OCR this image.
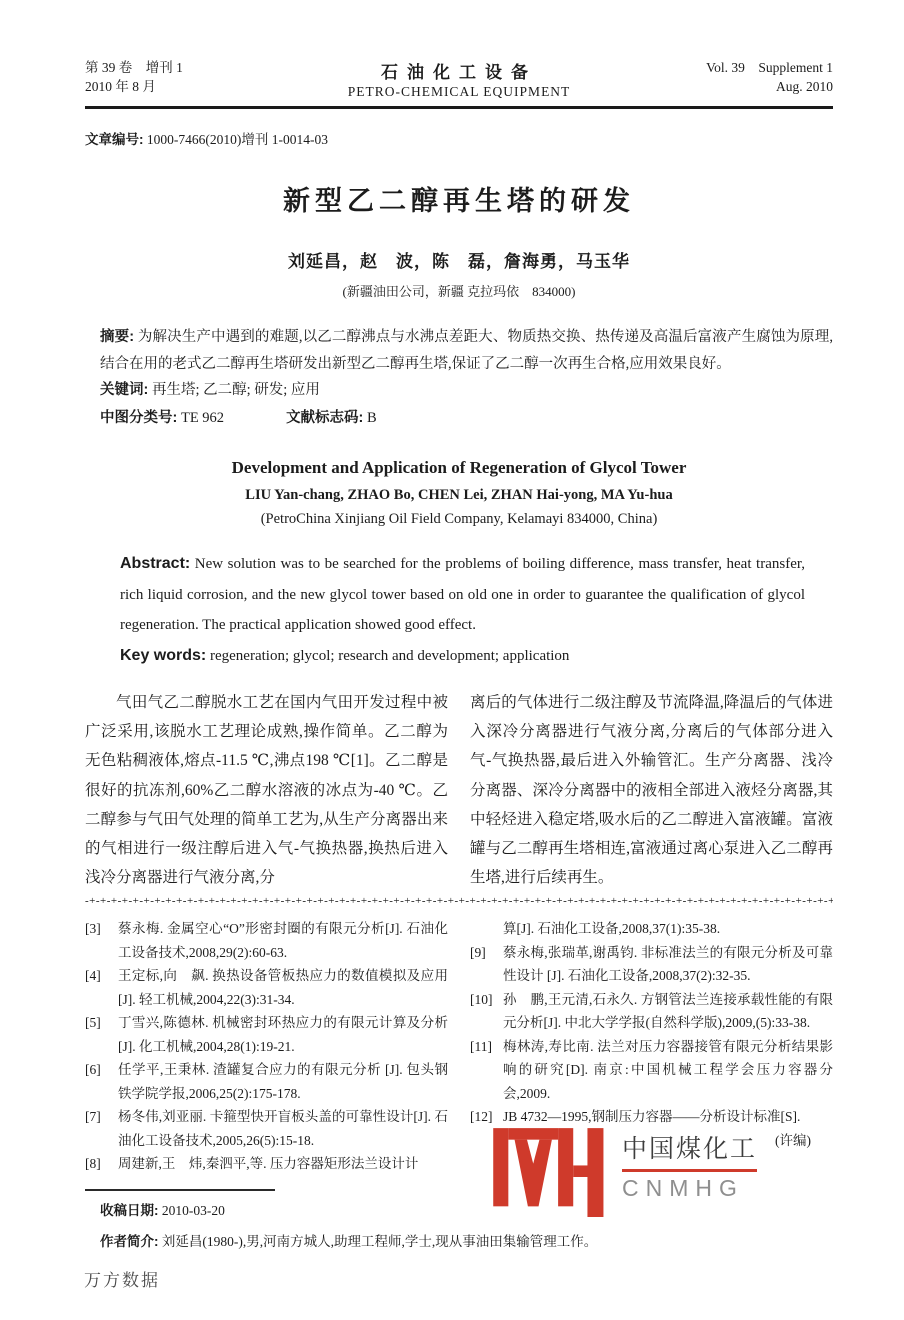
第 39 卷　增刊 1
2010 年 8 月
石油化工设备
PETRO-CHEMICAL EQUIPMENT
Vol. 39　Supplement 1
Aug. 2010
文章编号: 1000-7466(2010)增刊 1-0014-03
新型乙二醇再生塔的研发
刘延昌，赵　波，陈　磊，詹海勇，马玉华
(新疆油田公司，新疆 克拉玛依　834000)
摘要: 为解决生产中遇到的难题,以乙二醇沸点与水沸点差距大、物质热交换、热传递及高温后富液产生腐蚀为原理,结合在用的老式乙二醇再生塔研发出新型乙二醇再生塔,保证了乙二醇一次再生合格,应用效果良好。
关键词: 再生塔; 乙二醇; 研发; 应用
中图分类号: TE 962	文献标志码: B
Development and Application of Regeneration of Glycol Tower
LIU Yan-chang, ZHAO Bo, CHEN Lei, ZHAN Hai-yong, MA Yu-hua
(PetroChina Xinjiang Oil Field Company, Kelamayi 834000, China)
Abstract: New solution was to be searched for the problems of boiling difference, mass transfer, heat transfer, rich liquid corrosion, and the new glycol tower based on old one in order to guarantee the qualification of glycol regeneration. The practical application showed good effect.
Key words: regeneration; glycol; research and development; application

气田气乙二醇脱水工艺在国内气田开发过程中被广泛采用,该脱水工艺理论成熟,操作简单。乙二醇为无色粘稠液体,熔点-11.5 ℃,沸点198 ℃[1]。乙二醇是很好的抗冻剂,60%乙二醇水溶液的冰点为-40 ℃。乙二醇参与气田气处理的简单工艺为,从生产分离器出来的气相进行一级注醇后进入气-气换热器,换热后进入浅冷分离器进行气液分离,分

离后的气体进行二级注醇及节流降温,降温后的气体进入深冷分离器进行气液分离,分离后的气体部分进入气-气换热器,最后进入外输管汇。生产分离器、浅冷分离器、深冷分离器中的液相全部进入液烃分离器,其中轻烃进入稳定塔,吸水后的乙二醇进入富液罐。富液罐与乙二醇再生塔相连,富液通过离心泵进入乙二醇再生塔,进行后续再生。

-+-+-+-+-+-+-+-+-+-+-+-+-+-+-+-+-+-+-+-+-+-+-+-+-+-+-+-+-+-+-+-+-+-+-+-+-+-+-+-+-+-+-+-+-+-+-+-+-+-+-+-+-+-+-+-+-+-+-+-+-+-+-+-+-+-+-+-+-+-+-+-+-+-+-+-+-+-+-+-+-+-+-+-+-
[3] 蔡永梅. 金属空心“O”形密封圈的有限元分析[J]. 石油化工设备技术,2008,29(2):60-63.
[4] 王定标,向　飙. 换热设备管板热应力的数值模拟及应用 [J]. 轻工机械,2004,22(3):31-34.
[5] 丁雪兴,陈德林. 机械密封环热应力的有限元计算及分析[J]. 化工机械,2004,28(1):19-21.
[6] 任学平,王秉林. 渣罐复合应力的有限元分析 [J]. 包头钢铁学院学报,2006,25(2):175-178.
[7] 杨冬伟,刘亚丽. 卡箍型快开盲板头盖的可靠性设计[J]. 石油化工设备技术,2005,26(5):15-18.
[8] 周建新,王　炜,秦泗平,等. 压力容器矩形法兰设计计
算[J]. 石油化工设备,2008,37(1):35-38.
[9] 蔡永梅,张瑞革,谢禹钧. 非标准法兰的有限元分析及可靠性设计 [J]. 石油化工设备,2008,37(2):32-35.
[10] 孙　鹏,王元清,石永久. 方钢管法兰连接承载性能的有限元分析[J]. 中北大学学报(自然科学版),2009,(5):33-38.
[11] 梅林涛,寿比南. 法兰对压力容器接管有限元分析结果影响的研究[D]. 南京:中国机械工程学会压力容器分会,2009.
[12] JB 4732—1995,钢制压力容器——分析设计标准[S].
(许编)
收稿日期: 2010-03-20
作者简介: 刘延昌(1980-),男,河南方城人,助理工程师,学士,现从事油田集输管理工作。
中国煤化工
CNMHG
万方数据
